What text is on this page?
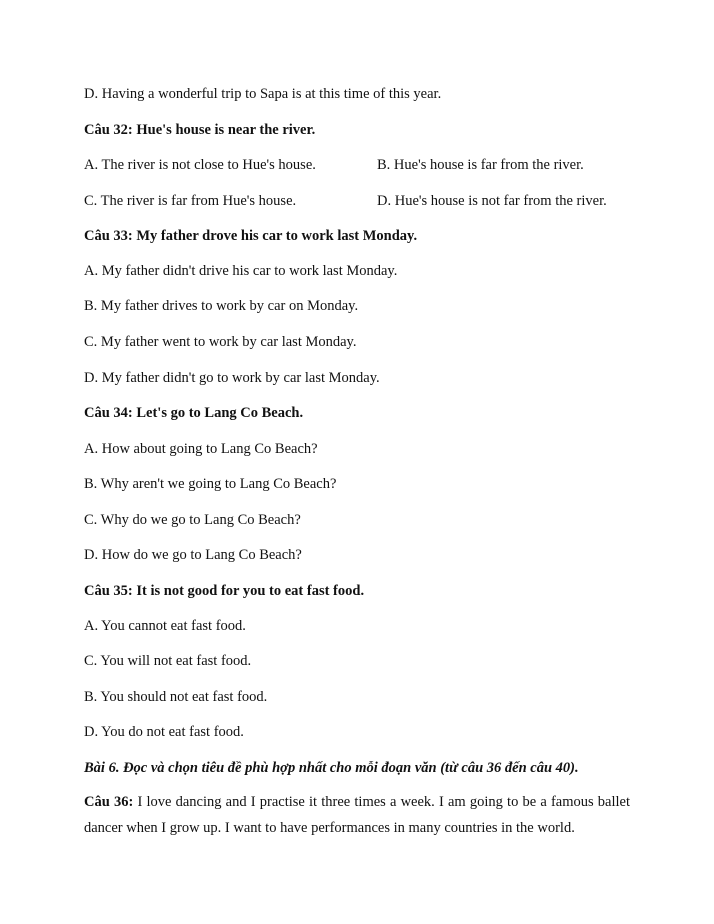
D. Having a wonderful trip to Sapa is at this time of this year.
Câu 32: Hue's house is near the river.
A. The river is not close to Hue's house.	B. Hue's house is far from the river.
C. The river is far from Hue's house.	D. Hue's house is not far from the river.
Câu 33: My father drove his car to work last Monday.
A. My father didn't drive his car to work last Monday.
B. My father drives to work by car on Monday.
C. My father went to work by car last Monday.
D. My father didn't go to work by car last Monday.
Câu 34: Let's go to Lang Co Beach.
A. How about going to Lang Co Beach?
B. Why aren't we going to Lang Co Beach?
C. Why do we go to Lang Co Beach?
D. How do we go to Lang Co Beach?
Câu 35: It is not good for you to eat fast food.
A. You cannot eat fast food.
C. You will not eat fast food.
B. You should not eat fast food.
D. You do not eat fast food.
Bài 6. Đọc và chọn tiêu đề phù hợp nhất cho mỗi đoạn văn (từ câu 36 đến câu 40).
Câu 36: I love dancing and I practise it three times a week. I am going to be a famous ballet dancer when I grow up. I want to have performances in many countries in the world.
